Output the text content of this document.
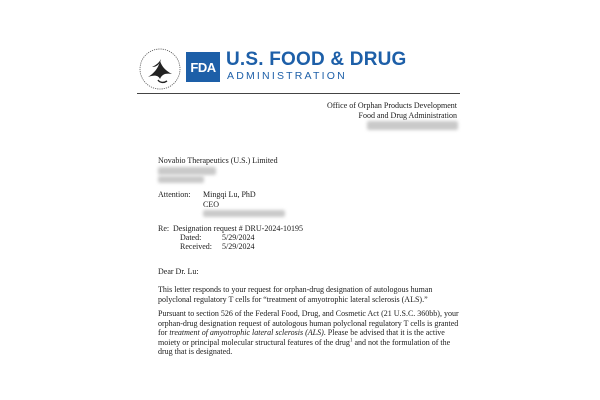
FDA U.S. FOOD & DRUG
ADMINISTRATION
Office of Orphan Products Development
Food and Drug Administration
Novabio Therapeutics (U.S.) Limited
Attention: Mingqi Lu, PhD
CEO
Re: Designation request # DRU-2024-10195
Dated:	5/29/2024
Received: 5/29/2024
Dear Dr. Lu:
This letter responds to your request for orphan-drug designation of autologous human polyclonal regulatory T cells for “treatment of amyotrophic lateral sclerosis (ALS).”
Pursuant to section 526 of the Federal Food, Drug, and Cosmetic Act (21 U.S.C. 360bb), your orphan-drug designation request of autologous human polyclonal regulatory T cells is granted for treatment of amyotrophic lateral sclerosis (ALS). Please be advised that it is the active moiety or principal molecular structural features of the drug$^1$ and not the formulation of the drug that is designated.
